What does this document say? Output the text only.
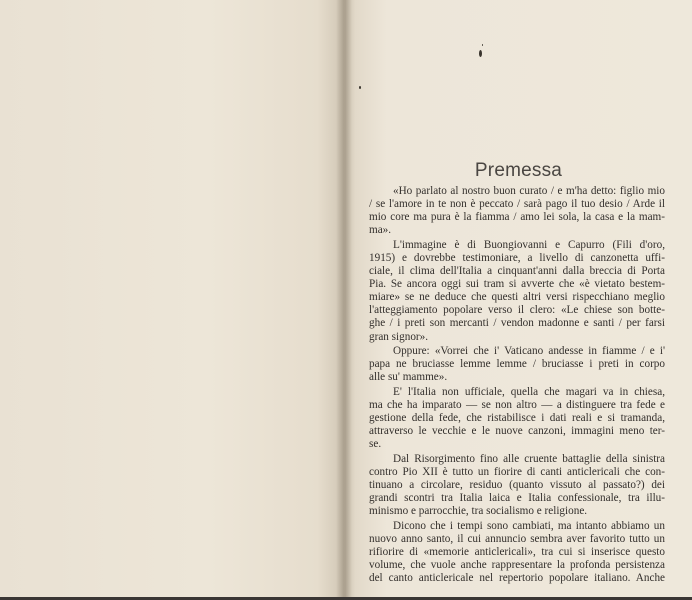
Premessa
«Ho parlato al nostro buon curato / e m'ha detto: figlio mio
/ se l'amore in te non è peccato / sarà pago il tuo desio / Arde il
mio core ma pura è la fiamma / amo lei sola, la casa e la mam-
ma».
L'immagine è di Buongiovanni e Capurro (Fili d'oro,
1915) e dovrebbe testimoniare, a livello di canzonetta uffi-
ciale, il clima dell'Italia a cinquant'anni dalla breccia di Porta
Pia. Se ancora oggi sui tram si avverte che «è vietato bestem-
miare» se ne deduce che questi altri versi rispecchiano meglio
l'atteggiamento popolare verso il clero: «Le chiese son botte-
ghe / i preti son mercanti / vendon madonne e santi / per farsi
gran signor».
Oppure: «Vorrei che i' Vaticano andesse in fiamme / e i'
papa ne bruciasse lemme lemme / bruciasse i preti in corpo
alle su' mamme».
E' l'Italia non ufficiale, quella che magari va in chiesa,
ma che ha imparato — se non altro — a distinguere tra fede e
gestione della fede, che ristabilisce i dati reali e si tramanda,
attraverso le vecchie e le nuove canzoni, immagini meno ter-
se.
Dal Risorgimento fino alle cruente battaglie della sinistra
contro Pio XII è tutto un fiorire di canti anticlericali che con-
tinuano a circolare, residuo (quanto vissuto al passato?) dei
grandi scontri tra Italia laica e Italia confessionale, tra illu-
minismo e parrocchie, tra socialismo e religione.
Dicono che i tempi sono cambiati, ma intanto abbiamo un
nuovo anno santo, il cui annuncio sembra aver favorito tutto un
rifiorire di «memorie anticlericali», tra cui si inserisce questo
volume, che vuole anche rappresentare la profonda persistenza
del canto anticlericale nel repertorio popolare italiano. Anche
